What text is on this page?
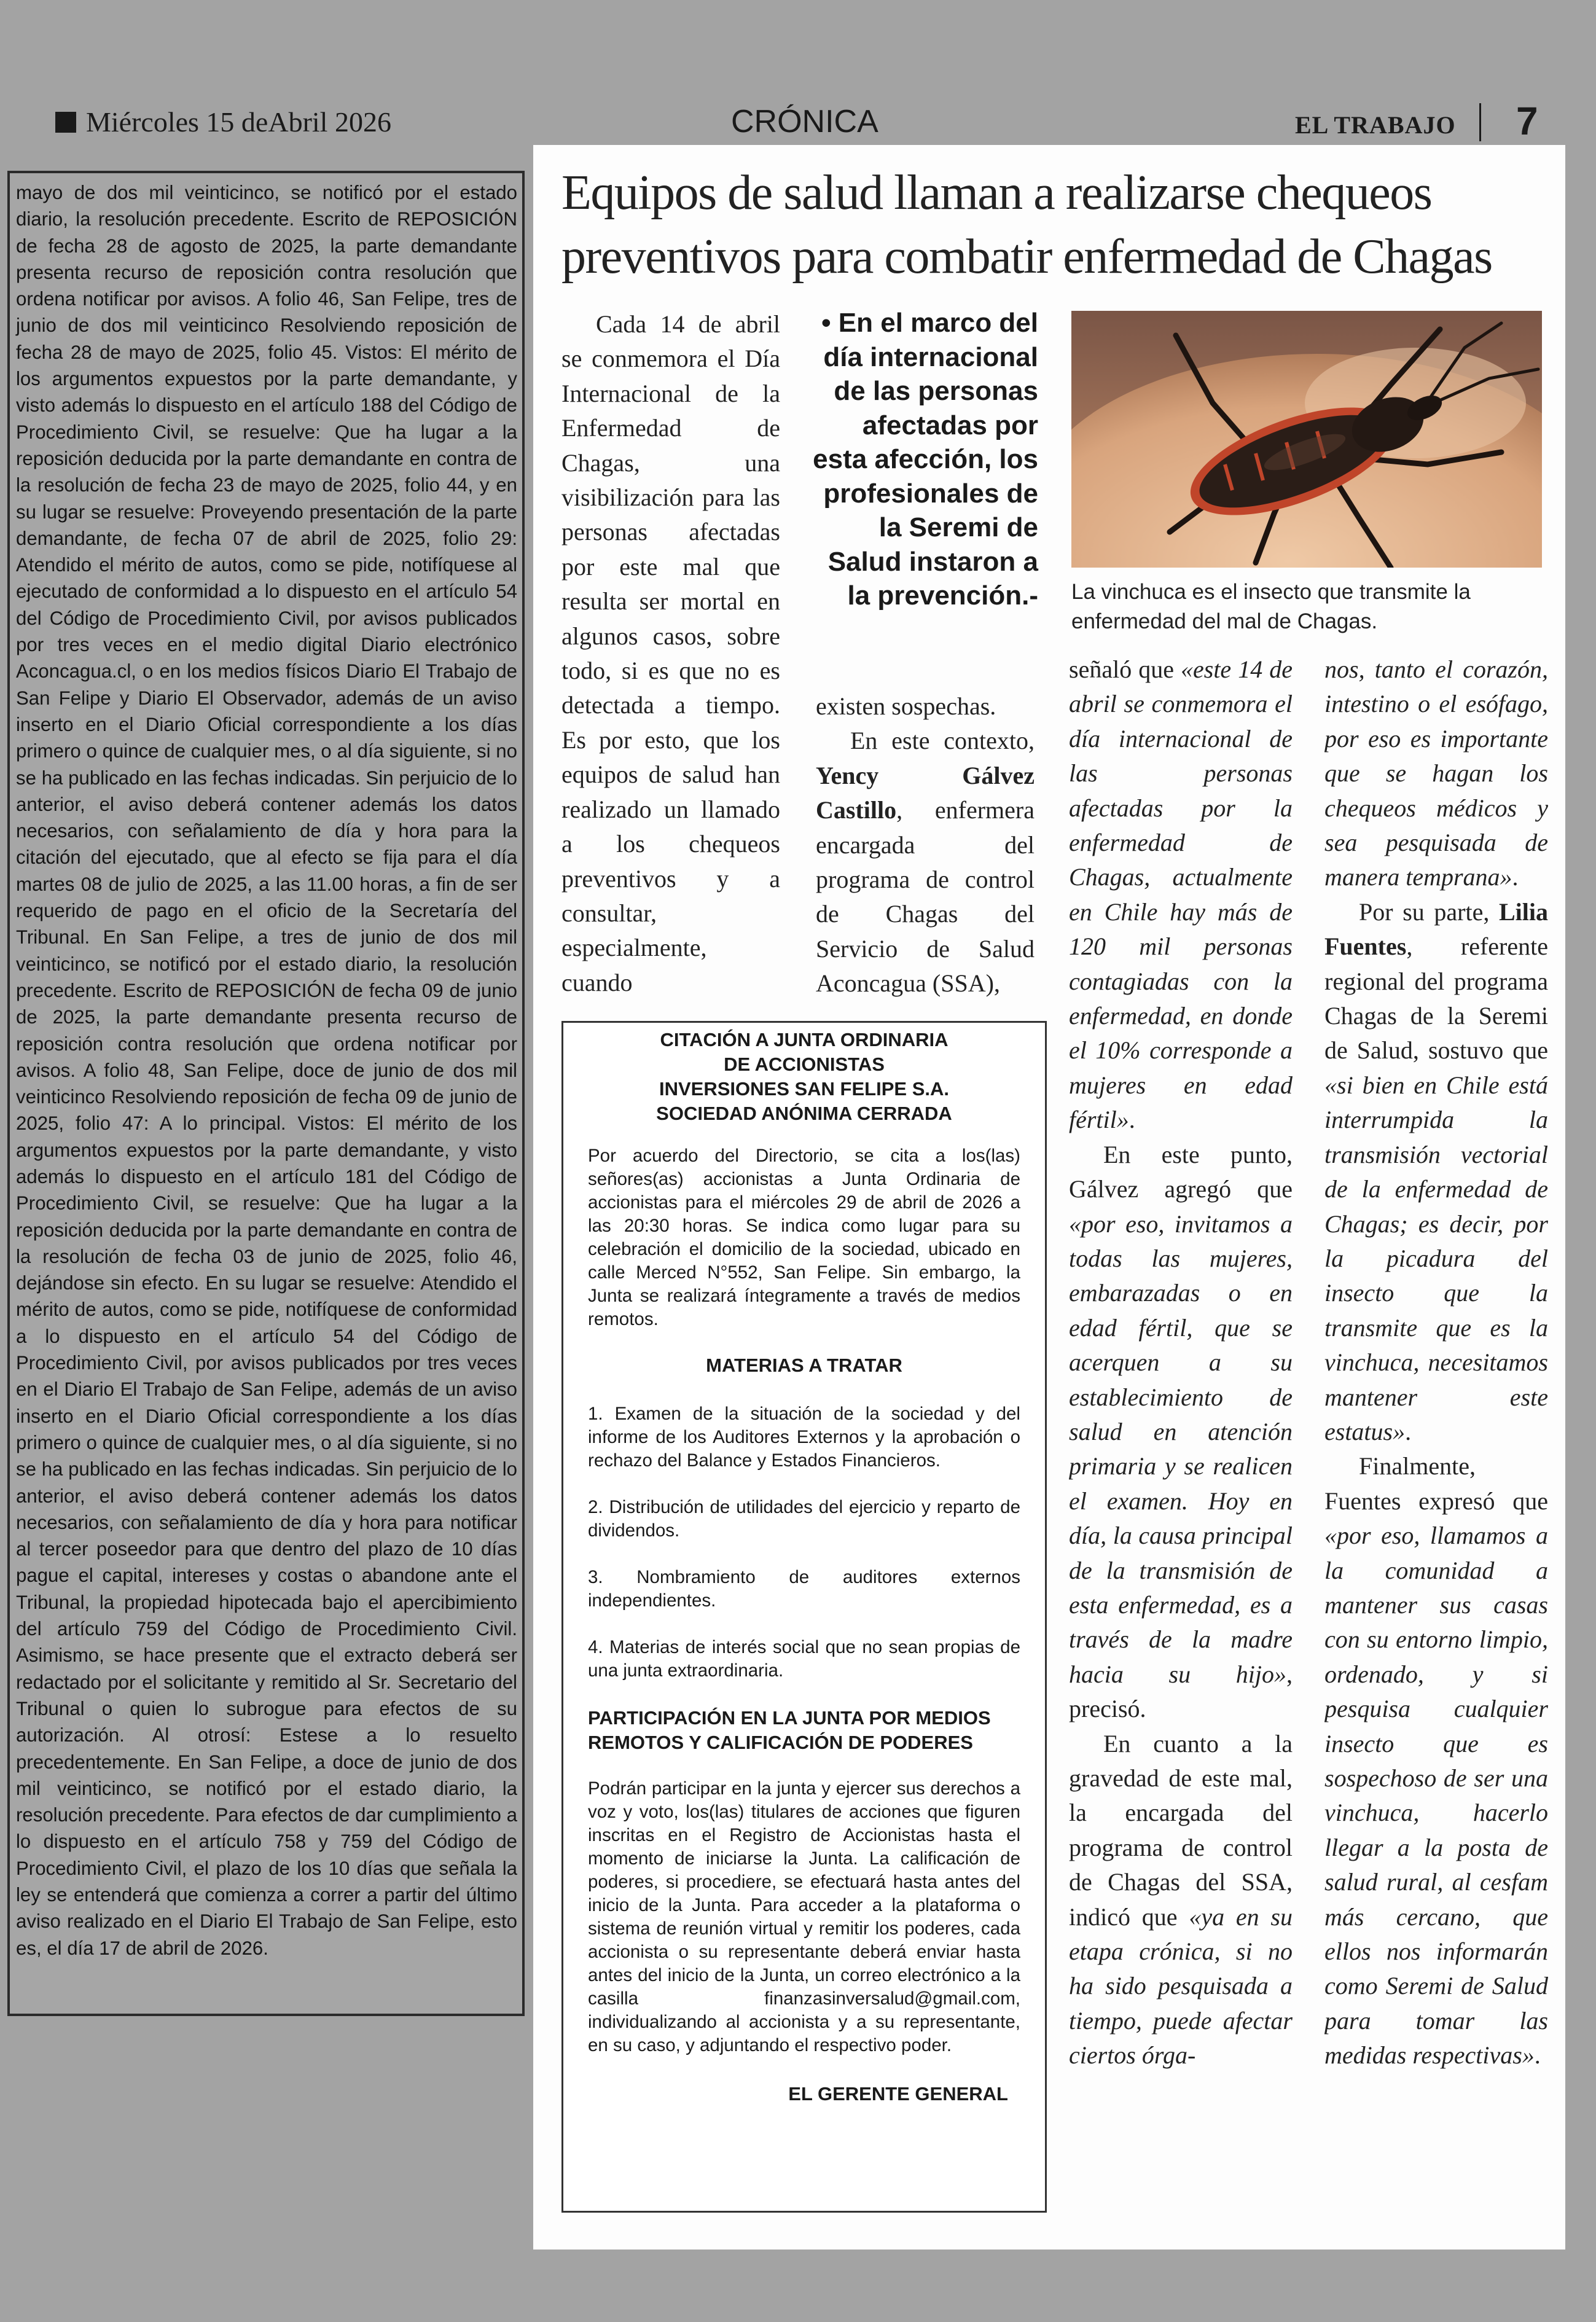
Miércoles 15 deAbril 2026	CRÓNICA	EL TRABAJO 7
mayo de dos mil veinticinco, se notificó por el estado diario, la resolución precedente. Escrito de REPOSICIÓN de fecha 28 de agosto de 2025, la parte demandante presenta recurso de reposición contra resolución que ordena notificar por avisos. A folio 46, San Felipe, tres de junio de dos mil veinticinco Resolviendo reposición de fecha 28 de mayo de 2025, folio 45. Vistos: El mérito de los argumentos expuestos por la parte demandante, y visto además lo dispuesto en el artículo 188 del Código de Procedimiento Civil, se resuelve: Que ha lugar a la reposición deducida por la parte demandante en contra de la resolución de fecha 23 de mayo de 2025, folio 44, y en su lugar se resuelve: Proveyendo presentación de la parte demandante, de fecha 07 de abril de 2025, folio 29: Atendido el mérito de autos, como se pide, notifíquese al ejecutado de conformidad a lo dispuesto en el artículo 54 del Código de Procedimiento Civil, por avisos publicados por tres veces en el medio digital Diario electrónico Aconcagua.cl, o en los medios físicos Diario El Trabajo de San Felipe y Diario El Observador, además de un aviso inserto en el Diario Oficial correspondiente a los días primero o quince de cualquier mes, o al día siguiente, si no se ha publicado en las fechas indicadas. Sin perjuicio de lo anterior, el aviso deberá contener además los datos necesarios, con señalamiento de día y hora para la citación del ejecutado, que al efecto se fija para el día martes 08 de julio de 2025, a las 11.00 horas, a fin de ser requerido de pago en el oficio de la Secretaría del Tribunal. En San Felipe, a tres de junio de dos mil veinticinco, se notificó por el estado diario, la resolución precedente. Escrito de REPOSICIÓN de fecha 09 de junio de 2025, la parte demandante presenta recurso de reposición contra resolución que ordena notificar por avisos. A folio 48, San Felipe, doce de junio de dos mil veinticinco Resolviendo reposición de fecha 09 de junio de 2025, folio 47: A lo principal. Vistos: El mérito de los argumentos expuestos por la parte demandante, y visto además lo dispuesto en el artículo 181 del Código de Procedimiento Civil, se resuelve: Que ha lugar a la reposición deducida por la parte demandante en contra de la resolución de fecha 03 de junio de 2025, folio 46, dejándose sin efecto. En su lugar se resuelve: Atendido el mérito de autos, como se pide, notifíquese de conformidad a lo dispuesto en el artículo 54 del Código de Procedimiento Civil, por avisos publicados por tres veces en el Diario El Trabajo de San Felipe, además de un aviso inserto en el Diario Oficial correspondiente a los días primero o quince de cualquier mes, o al día siguiente, si no se ha publicado en las fechas indicadas. Sin perjuicio de lo anterior, el aviso deberá contener además los datos necesarios, con señalamiento de día y hora para notificar al tercer poseedor para que dentro del plazo de 10 días pague el capital, intereses y costas o abandone ante el Tribunal, la propiedad hipotecada bajo el apercibimiento del artículo 759 del Código de Procedimiento Civil. Asimismo, se hace presente que el extracto deberá ser redactado por el solicitante y remitido al Sr. Secretario del Tribunal o quien lo subrogue para efectos de su autorización. Al otrosí: Estese a lo resuelto precedentemente. En San Felipe, a doce de junio de dos mil veinticinco, se notificó por el estado diario, la resolución precedente. Para efectos de dar cumplimiento a lo dispuesto en el artículo 758 y 759 del Código de Procedimiento Civil, el plazo de los 10 días que señala la ley se entenderá que comienza a correr a partir del último aviso realizado en el Diario El Trabajo de San Felipe, esto es, el día 17 de abril de 2026.
Equipos de salud llaman a realizarse chequeos preventivos para combatir enfermedad de Chagas

Cada 14 de abril se conmemora el Día Internacional de la Enfermedad de Chagas, una visibilización para las personas afectadas por este mal que resulta ser mortal en algunos casos, sobre todo, si es que no es detectada a tiempo. Es por esto, que los equipos de salud han realizado un llamado a los chequeos preventivos y a consultar, especialmente, cuando

• En el marco del día internacional de las personas afectadas por esta afección, los profesionales de la Seremi de Salud instaron a la prevención.-

existen sospechas.

En este contexto, Yency Gálvez Castillo, enfermera encargada del programa de control de Chagas del Servicio de Salud Aconcagua (SSA),

La vinchuca es el insecto que transmite la enfermedad del mal de Chagas.

señaló que «este 14 de abril se conmemora el día internacional de las personas afectadas por la enfermedad de Chagas, actualmente en Chile hay más de 120 mil personas contagiadas con la enfermedad, en donde el 10% corresponde a mujeres en edad fértil».

En este punto, Gálvez agregó que «por eso, invitamos a todas las mujeres, embarazadas o en edad fértil, que se acerquen a su establecimiento de salud en atención primaria y se realicen el examen. Hoy en día, la causa principal de la transmisión de esta enfermedad, es a través de la madre hacia su hijo», precisó.

En cuanto a la gravedad de este mal, la encargada del programa de control de Chagas del SSA, indicó que «ya en su etapa crónica, si no ha sido pesquisada a tiempo, puede afectar ciertos órga-

nos, tanto el corazón, intestino o el esófago, por eso es importante que se hagan los chequeos médicos y sea pesquisada de manera temprana».

Por su parte, Lilia Fuentes, referente regional del programa Chagas de la Seremi de Salud, sostuvo que «si bien en Chile está interrumpida la transmisión vectorial de la enfermedad de Chagas; es decir, por la picadura del insecto que la transmite que es la vinchuca, necesitamos mantener este estatus».

Finalmente, Fuentes expresó que «por eso, llamamos a la comunidad a mantener sus casas con su entorno limpio, ordenado, y si pesquisa cualquier insecto que es sospechoso de ser una vinchuca, hacerlo llegar a la posta de salud rural, al cesfam más cercano, que ellos nos informarán como Seremi de Salud para tomar las medidas respectivas».

CITACIÓN A JUNTA ORDINARIA
DE ACCIONISTAS
INVERSIONES SAN FELIPE S.A.
SOCIEDAD ANÓNIMA CERRADA

Por acuerdo del Directorio, se cita a los(las) señores(as) accionistas a Junta Ordinaria de accionistas para el miércoles 29 de abril de 2026 a las 20:30 horas. Se indica como lugar para su celebración el domicilio de la sociedad, ubicado en calle Merced N°552, San Felipe. Sin embargo, la Junta se realizará íntegramente a través de medios remotos.

MATERIAS A TRATAR

1. Examen de la situación de la sociedad y del informe de los Auditores Externos y la aprobación o rechazo del Balance y Estados Financieros.

2. Distribución de utilidades del ejercicio y reparto de dividendos.

3. Nombramiento de auditores externos independientes.

4. Materias de interés social que no sean propias de una junta extraordinaria.

PARTICIPACIÓN EN LA JUNTA POR MEDIOS REMOTOS Y CALIFICACIÓN DE PODERES

Podrán participar en la junta y ejercer sus derechos a voz y voto, los(las) titulares de acciones que figuren inscritas en el Registro de Accionistas hasta el momento de iniciarse la Junta. La calificación de poderes, si procediere, se efectuará hasta antes del inicio de la Junta. Para acceder a la plataforma o sistema de reunión virtual y remitir los poderes, cada accionista o su representante deberá enviar hasta antes del inicio de la Junta, un correo electrónico a la casilla finanzasinversalud@gmail.com, individualizando al accionista y a su representante, en su caso, y adjuntando el respectivo poder.

EL GERENTE GENERAL
